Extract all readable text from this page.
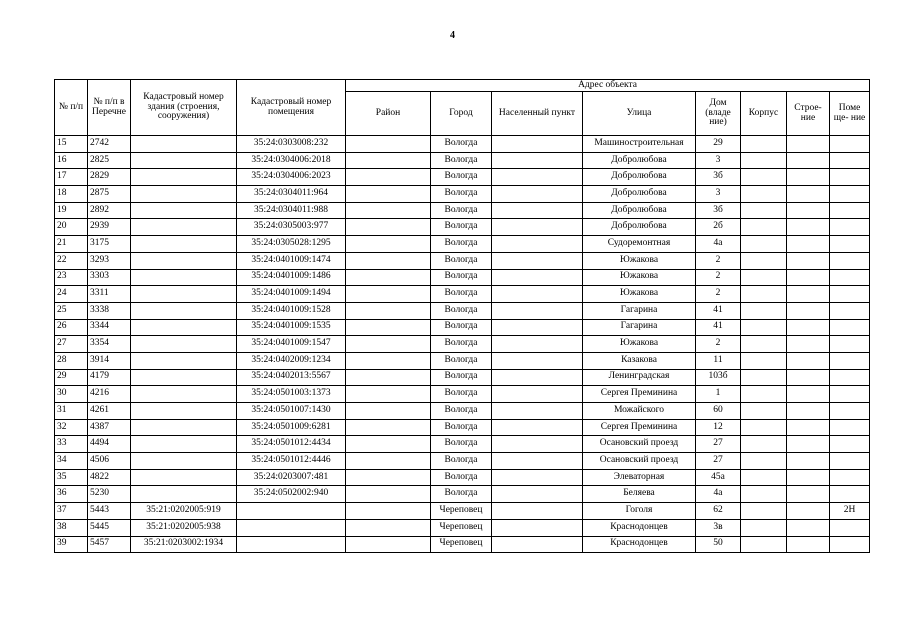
4
№ п/п	№ п/п в Перечне	Кадастровый номер здания (строения, сооружения)	Кадастровый номер помещения	Адрес объекта							
				Район	Город	Населенный пункт	Улица	Дом (владе ние)	Корпус	Строе- ние	Поме ще- ние
15	2742		35:24:0303008:232		Вологда		Машиностроительная	29			
16	2825		35:24:0304006:2018		Вологда		Добролюбова	3			
17	2829		35:24:0304006:2023		Вологда		Добролюбова	3б			
18	2875		35:24:0304011:964		Вологда		Добролюбова	3			
19	2892		35:24:0304011:988		Вологда		Добролюбова	3б			
20	2939		35:24:0305003:977		Вологда		Добролюбова	2б			
21	3175		35:24:0305028:1295		Вологда		Судоремонтная	4а			
22	3293		35:24:0401009:1474		Вологда		Южакова	2			
23	3303		35:24:0401009:1486		Вологда		Южакова	2			
24	3311		35:24:0401009:1494		Вологда		Южакова	2			
25	3338		35:24:0401009:1528		Вологда		Гагарина	41			
26	3344		35:24:0401009:1535		Вологда		Гагарина	41			
27	3354		35:24:0401009:1547		Вологда		Южакова	2			
28	3914		35:24:0402009:1234		Вологда		Казакова	11			
29	4179		35:24:0402013:5567		Вологда		Ленинградская	103б			
30	4216		35:24:0501003:1373		Вологда		Сергея Преминина	1			
31	4261		35:24:0501007:1430		Вологда		Можайского	60			
32	4387		35:24:0501009:6281		Вологда		Сергея Преминина	12			
33	4494		35:24:0501012:4434		Вологда		Осановский проезд	27			
34	4506		35:24:0501012:4446		Вологда		Осановский проезд	27			
35	4822		35:24:0203007:481		Вологда		Элеваторная	45а			
36	5230		35:24:0502002:940		Вологда		Беляева	4а			
37	5443	35:21:0202005:919			Череповец		Гоголя	62			2Н
38	5445	35:21:0202005:938			Череповец		Краснодонцев	3в			
39	5457	35:21:0203002:1934			Череповец		Краснодонцев	50			
